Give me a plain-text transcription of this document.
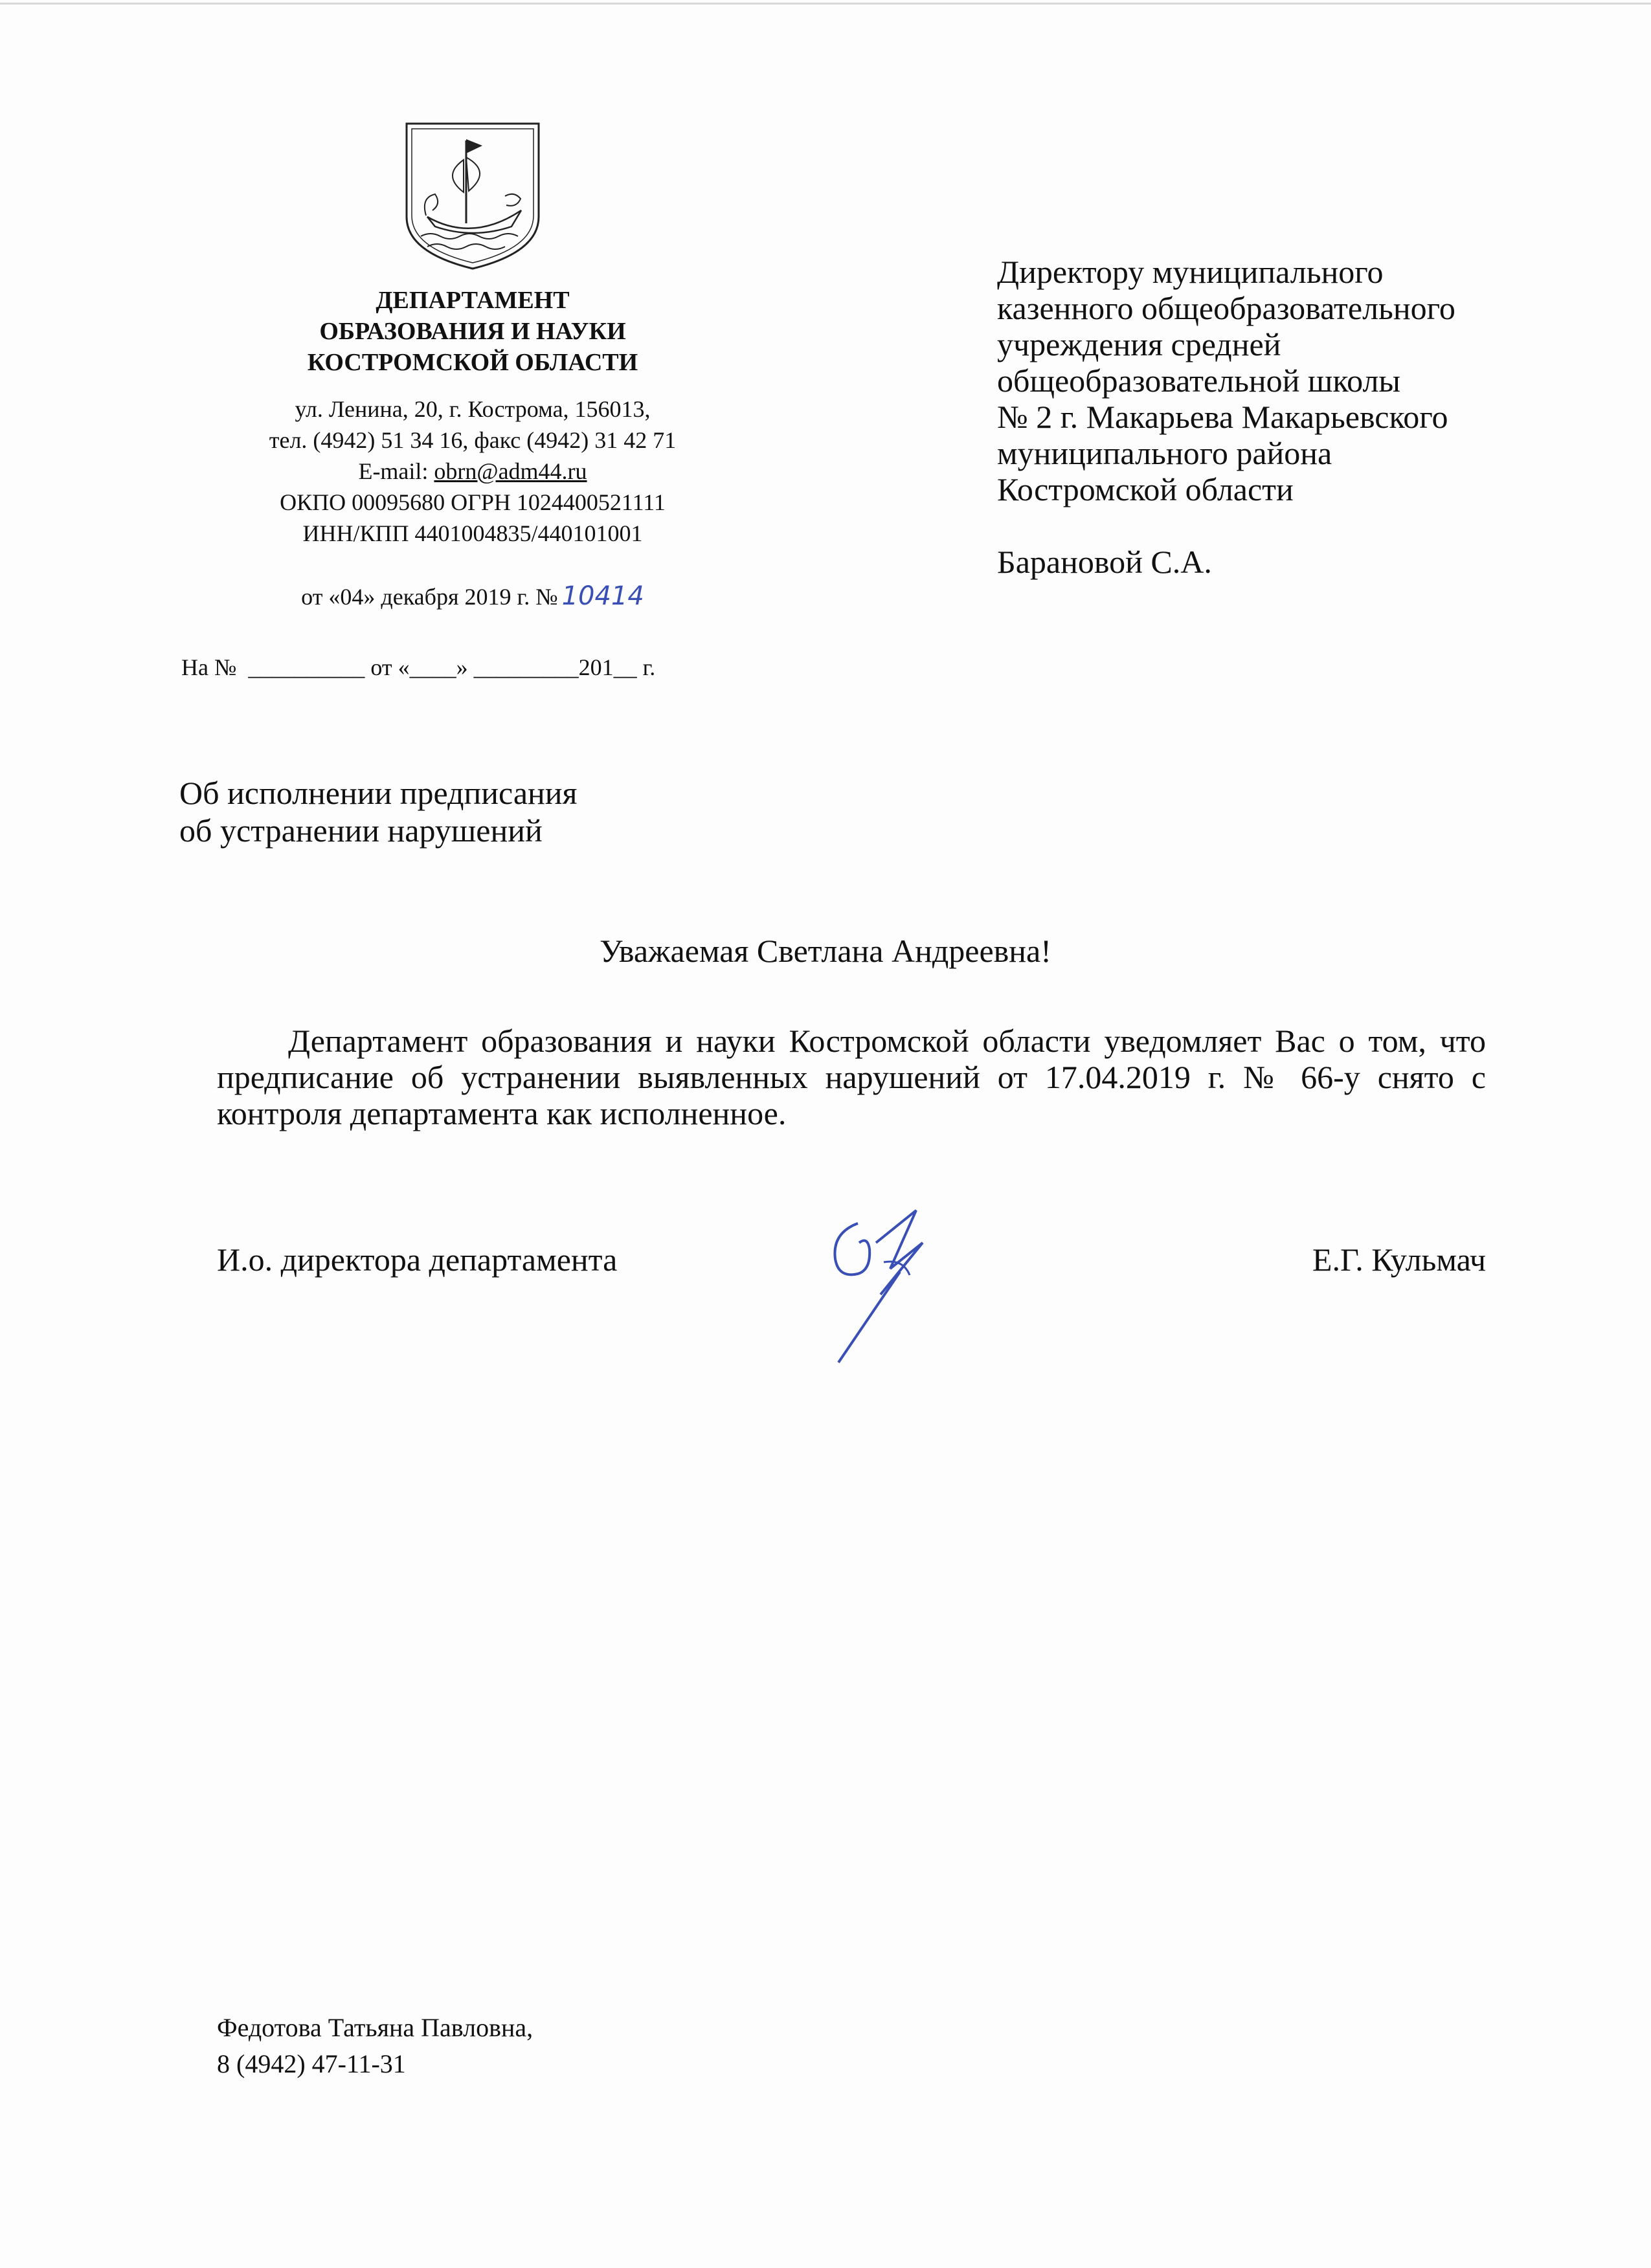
ДЕПАРТАМЕНТ
ОБРАЗОВАНИЯ И НАУКИ
КОСТРОМСКОЙ ОБЛАСТИ
ул. Ленина, 20, г. Кострома, 156013,
тел. (4942) 51 34 16, факс (4942) 31 42 71
E-mail: obrn@adm44.ru
ОКПО 00095680 ОГРН 1024400521111
ИНН/КПП 4401004835/440101001
от «04» декабря 2019 г. № 10414
На №  __________ от «____» _________201__ г.
Директору муниципального
казенного общеобразовательного
учреждения средней
общеобразовательной школы
№ 2 г. Макарьева Макарьевского
муниципального района
Костромской области
Барановой С.А.
Об исполнении предписания
об устранении нарушений
Уважаемая Светлана Андреевна!
Департамент образования и науки Костромской области уведомляет Вас о том, что предписание об устранении выявленных нарушений от 17.04.2019 г. № 66-у снято с контроля департамента как исполненное.
И.о. директора департамента	Е.Г. Кульмач
Федотова Татьяна Павловна,
8 (4942) 47-11-31
